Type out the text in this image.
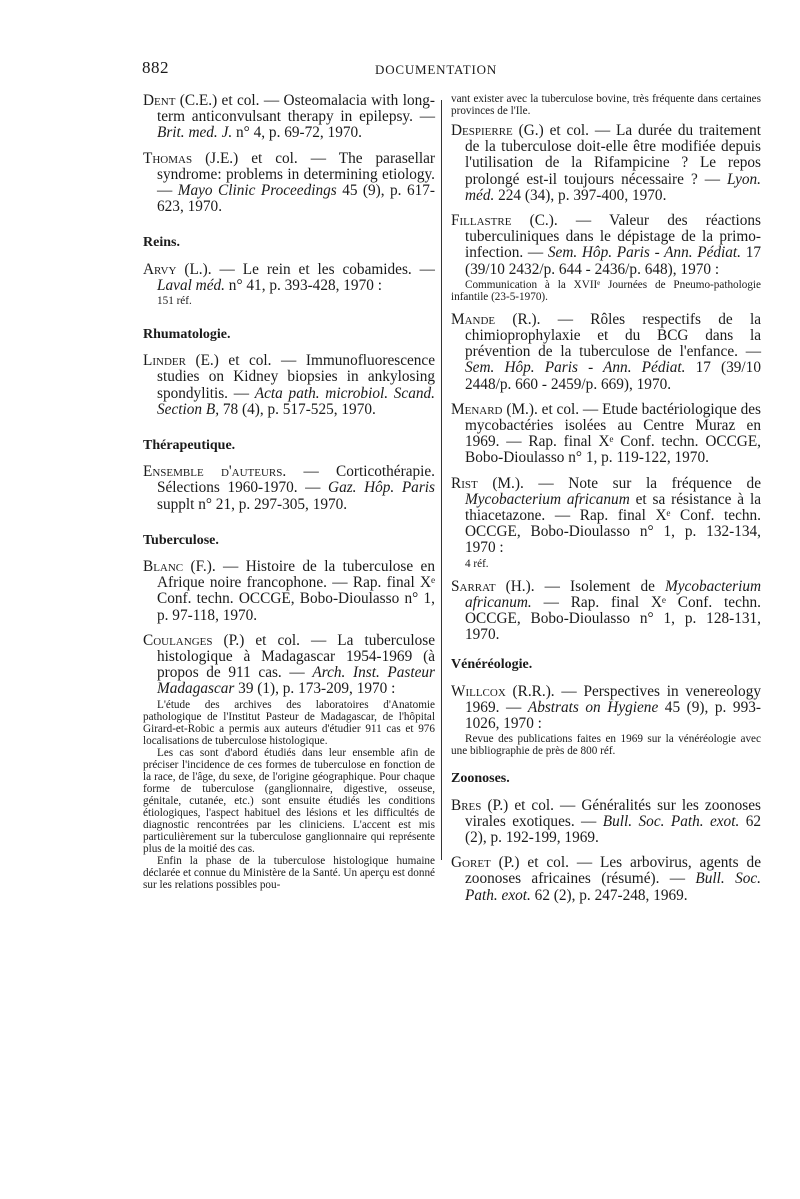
882	DOCUMENTATION
Dent (C.E.) et col. — Osteomalacia with long-term anticonvulsant therapy in epilepsy. — Brit. med. J. n° 4, p. 69-72, 1970.
Thomas (J.E.) et col. — The parasellar syndrome: problems in determining etiology. — Mayo Clinic Proceedings 45 (9), p. 617-623, 1970.
Reins.
Arvy (L.). — Le rein et les cobamides. — Laval méd. n° 41, p. 393-428, 1970 :

151 réf.

Rhumatologie.
Linder (E.) et col. — Immunofluorescence studies on Kidney biopsies in ankylosing spondylitis. — Acta path. microbiol. Scand. Section B, 78 (4), p. 517-525, 1970.
Thérapeutique.
Ensemble d'auteurs. — Corticothérapie. Sélections 1960-1970. — Gaz. Hôp. Paris supplt n° 21, p. 297-305, 1970.
Tuberculose.
Blanc (F.). — Histoire de la tuberculose en Afrique noire francophone. — Rap. final Xᵉ Conf. techn. OCCGE, Bobo-Dioulasso n° 1, p. 97-118, 1970.
Coulanges (P.) et col. — La tuberculose histologique à Madagascar 1954-1969 (à propos de 911 cas. — Arch. Inst. Pasteur Madagascar 39 (1), p. 173-209, 1970 :

L'étude des archives des laboratoires d'Anatomie pathologique de l'Institut Pasteur de Madagascar, de l'hôpital Girard-et-Robic a permis aux auteurs d'étudier 911 cas et 976 localisations de tuberculose histologique.

Les cas sont d'abord étudiés dans leur ensemble afin de préciser l'incidence de ces formes de tuberculose en fonction de la race, de l'âge, du sexe, de l'origine géographique. Pour chaque forme de tuberculose (ganglionnaire, digestive, osseuse, génitale, cutanée, etc.) sont ensuite étudiés les conditions étiologiques, l'aspect habituel des lésions et les difficultés de diagnostic rencontrées par les cliniciens. L'accent est mis particulièrement sur la tuberculose ganglionnaire qui représente plus de la moitié des cas.

Enfin la phase de la tuberculose histologique humaine déclarée et connue du Ministère de la Santé. Un aperçu est donné sur les relations possibles pou-

vant exister avec la tuberculose bovine, très fréquente dans certaines provinces de l'Ile.
Despierre (G.) et col. — La durée du traitement de la tuberculose doit-elle être modifiée depuis l'utilisation de la Rifampicine ? Le repos prolongé est-il toujours nécessaire ? — Lyon. méd. 224 (34), p. 397-400, 1970.
Fillastre (C.). — Valeur des réactions tuberculiniques dans le dépistage de la primo-infection. — Sem. Hôp. Paris - Ann. Pédiat. 17 (39/10 2432/p. 644 - 2436/p. 648), 1970 :

Communication à la XVIIᵉ Journées de Pneumo-pathologie infantile (23-5-1970).

Mande (R.). — Rôles respectifs de la chimioprophylaxie et du BCG dans la prévention de la tuberculose de l'enfance. — Sem. Hôp. Paris - Ann. Pédiat. 17 (39/10 2448/p. 660 - 2459/p. 669), 1970.
Menard (M.). et col. — Etude bactériologique des mycobactéries isolées au Centre Muraz en 1969. — Rap. final Xᵉ Conf. techn. OCCGE, Bobo-Dioulasso n° 1, p. 119-122, 1970.
Rist (M.). — Note sur la fréquence de Mycobacterium africanum et sa résistance à la thiacetazone. — Rap. final Xᵉ Conf. techn. OCCGE, Bobo-Dioulasso n° 1, p. 132-134, 1970 :

4 réf.

Sarrat (H.). — Isolement de Mycobacterium africanum. — Rap. final Xᵉ Conf. techn. OCCGE, Bobo-Dioulasso n° 1, p. 128-131, 1970.
Vénéréologie.
Willcox (R.R.). — Perspectives in venereology 1969. — Abstrats on Hygiene 45 (9), p. 993-1026, 1970 :

Revue des publications faites en 1969 sur la vénéréologie avec une bibliographie de près de 800 réf.

Zoonoses.
Bres (P.) et col. — Généralités sur les zoonoses virales exotiques. — Bull. Soc. Path. exot. 62 (2), p. 192-199, 1969.
Goret (P.) et col. — Les arbovirus, agents de zoonoses africaines (résumé). — Bull. Soc. Path. exot. 62 (2), p. 247-248, 1969.
